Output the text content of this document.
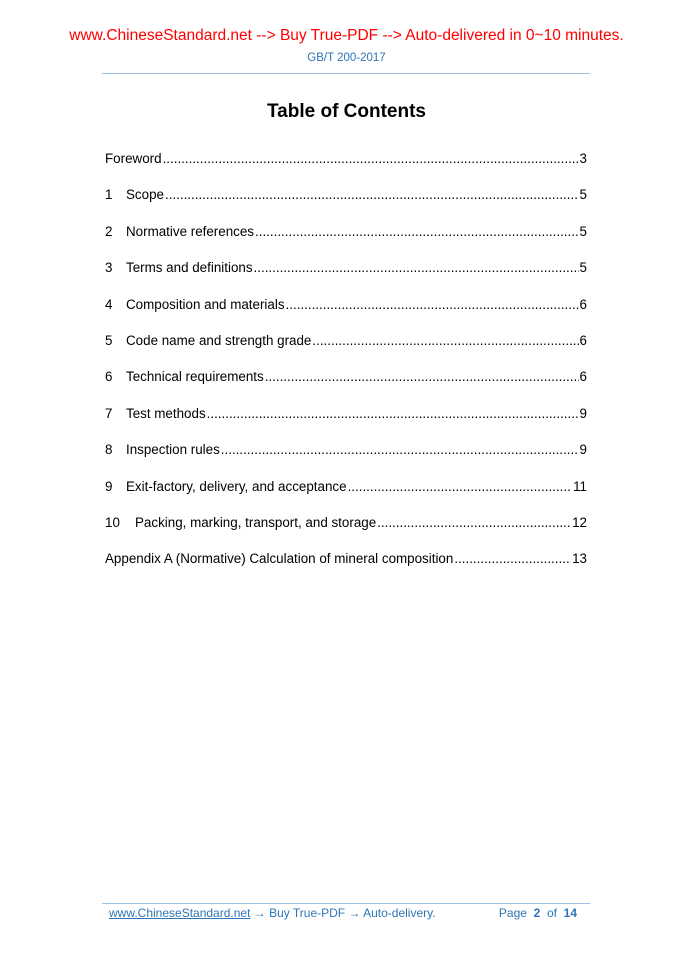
www.ChineseStandard.net --> Buy True-PDF --> Auto-delivered in 0~10 minutes.
GB/T 200-2017
Table of Contents
Foreword .....	3
1	Scope .....	5
2	Normative references .....	5
3	Terms and definitions .....	5
4	Composition and materials .....	6
5	Code name and strength grade .....	6
6	Technical requirements .....	6
7	Test methods .....	9
8	Inspection rules .....	9
9	Exit-factory, delivery, and acceptance .....	11
10	Packing, marking, transport, and storage .....	12
Appendix A (Normative) Calculation of mineral composition .....	13
www.ChineseStandard.net → Buy True-PDF → Auto-delivery.	Page 2 of 14
